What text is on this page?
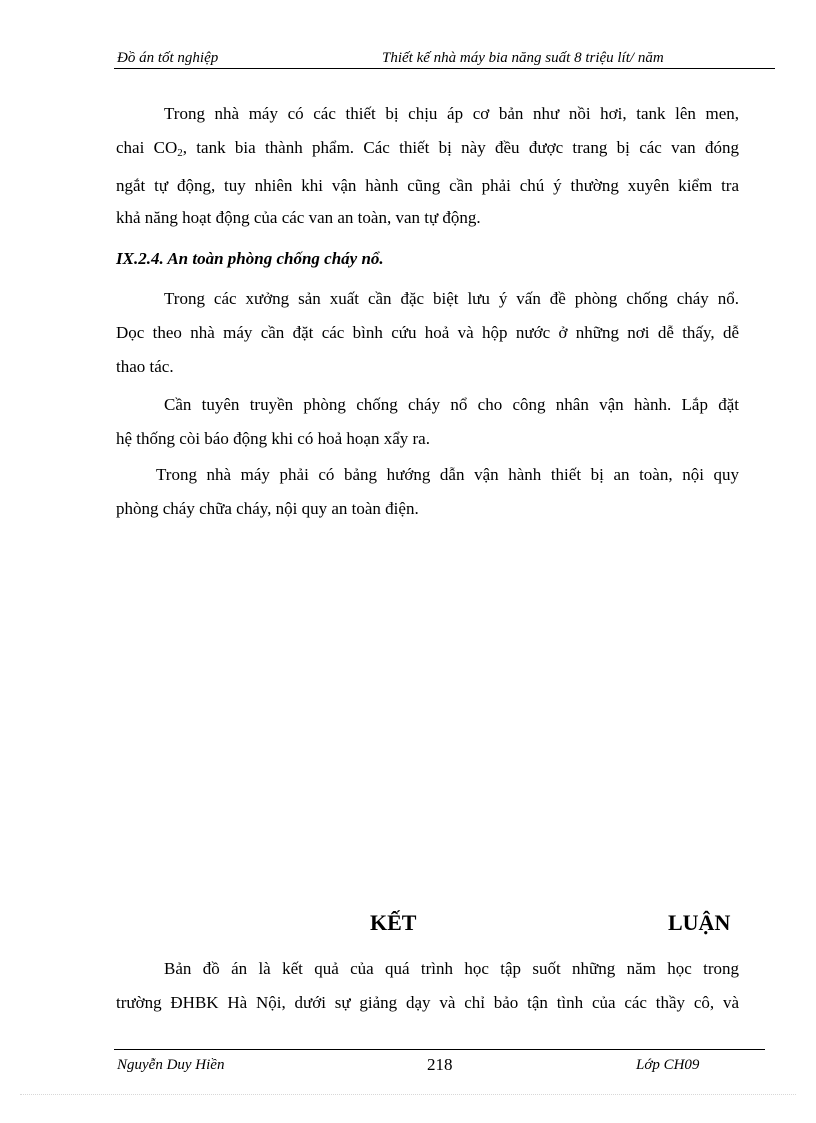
Đồ án tốt nghiệp	Thiết kế nhà máy bia năng suất 8 triệu lít/ năm
Trong nhà máy có các thiết bị chịu áp cơ bản như nồi hơi, tank lên men,
chai $CO_2$, tank bia thành phẩm. Các thiết bị này đều được trang bị các van đóng
ngắt tự động, tuy nhiên khi vận hành cũng cần phải chú ý thường xuyên kiểm tra
khả năng hoạt động của các van an toàn, van tự động.
IX.2.4. An toàn phòng chống cháy nổ.
Trong các xưởng sản xuất cần đặc biệt lưu ý vấn đề phòng chống cháy nổ.
Dọc theo nhà máy cần đặt các bình cứu hoả và hộp nước ở những nơi dễ thấy, dễ
thao tác.
Cần tuyên truyền phòng chống cháy nổ cho công nhân vận hành. Lắp đặt
hệ thống còi báo động khi có hoả hoạn xẩy ra.
Trong nhà máy phải có bảng hướng dẫn vận hành thiết bị an toàn, nội quy
phòng cháy chữa cháy, nội quy an toàn điện.
KẾT	LUẬN
Bản đồ án là kết quả của quá trình học tập suốt những năm học trong
trường ĐHBK Hà Nội, dưới sự giảng dạy và chỉ bảo tận tình của các thầy cô, và
Nguyễn Duy Hiền	218	Lớp CH09
